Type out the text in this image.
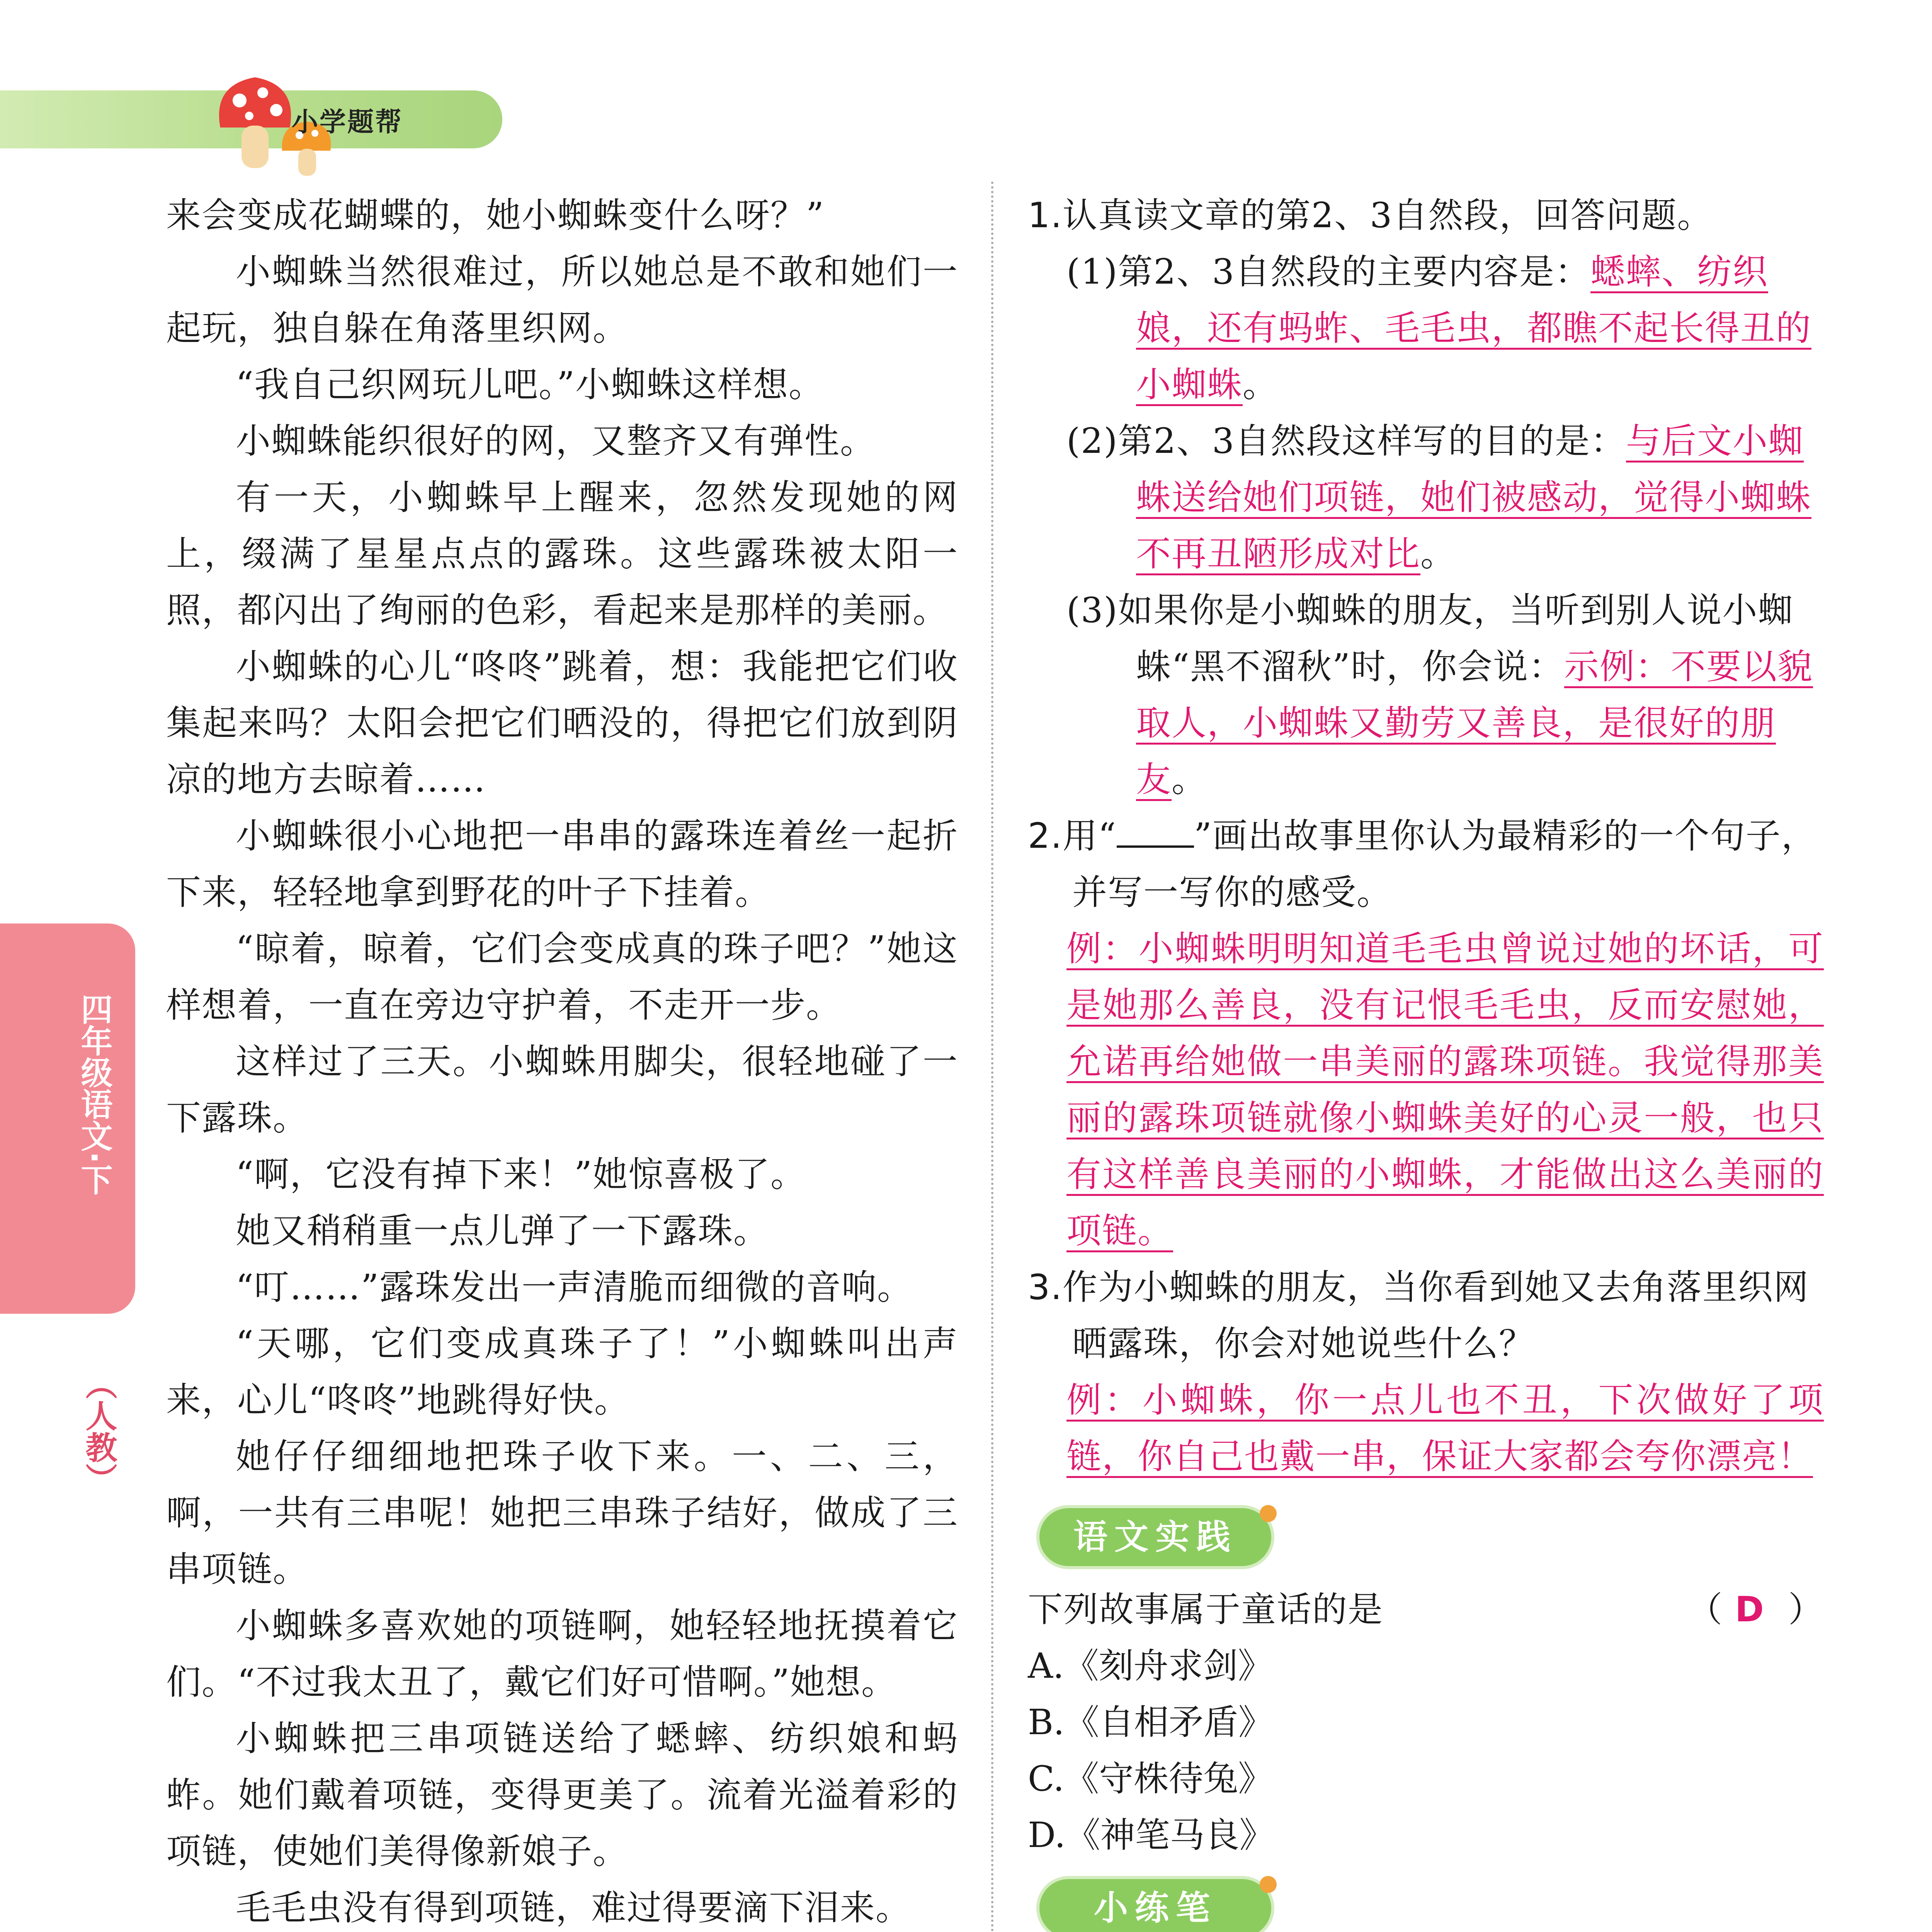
小学题帮
四年级语文·下
（人教）

来会变成花蝴蝶的，她小蜘蛛变什么呀？”

小蜘蛛当然很难过，所以她总是不敢和她们一起玩，独自躲在角落里织网。

“我自己织网玩儿吧。”小蜘蛛这样想。

小蜘蛛能织很好的网，又整齐又有弹性。

有一天，小蜘蛛早上醒来，忽然发现她的网上，缀满了星星点点的露珠。这些露珠被太阳一照，都闪出了绚丽的色彩，看起来是那样的美丽。

小蜘蛛的心儿“咚咚”跳着，想：我能把它们收集起来吗？太阳会把它们晒没的，得把它们放到阴凉的地方去晾着……

小蜘蛛很小心地把一串串的露珠连着丝一起折下来，轻轻地拿到野花的叶子下挂着。

“晾着，晾着，它们会变成真的珠子吧？”她这样想着，一直在旁边守护着，不走开一步。

这样过了三天。小蜘蛛用脚尖，很轻地碰了一下露珠。

“啊，它没有掉下来！”她惊喜极了。

她又稍稍重一点儿弹了一下露珠。

“叮……”露珠发出一声清脆而细微的音响。

“天哪，它们变成真珠子了！”小蜘蛛叫出声来，心儿“咚咚”地跳得好快。

她仔仔细细地把珠子收下来。一、二、三，啊，一共有三串呢！她把三串珠子结好，做成了三串项链。

小蜘蛛多喜欢她的项链啊，她轻轻地抚摸着它们。“不过我太丑了，戴它们好可惜啊。”她想。

小蜘蛛把三串项链送给了蟋蟀、纺织娘和蚂蚱。她们戴着项链，变得更美了。流着光溢着彩的项链，使她们美得像新娘子。

毛毛虫没有得到项链，难过得要滴下泪来。

1.认真读文章的第2、3自然段，回答问题。

(1)第2、3自然段的主要内容是：蟋蟀、纺织娘，还有蚂蚱、毛毛虫，都瞧不起长得丑的小蜘蛛。

(2)第2、3自然段这样写的目的是：与后文小蜘蛛送给她们项链，她们被感动，觉得小蜘蛛不再丑陋形成对比。

(3)如果你是小蜘蛛的朋友，当听到别人说小蜘蛛“黑不溜秋”时，你会说：示例：不要以貌取人，小蜘蛛又勤劳又善良，是很好的朋友。

2.用“ ”画出故事里你认为最精彩的一个句子，并写一写你的感受。

例：小蜘蛛明明知道毛毛虫曾说过她的坏话，可是她那么善良，没有记恨毛毛虫，反而安慰她，允诺再给她做一串美丽的露珠项链。我觉得那美丽的露珠项链就像小蜘蛛美好的心灵一般，也只有这样善良美丽的小蜘蛛，才能做出这么美丽的项链。

3.作为小蜘蛛的朋友，当你看到她又去角落里织网晒露珠，你会对她说些什么？

例：小蜘蛛，你一点儿也不丑，下次做好了项链，你自己也戴一串，保证大家都会夸你漂亮！

语文实践

下列故事属于童话的是	（ D ）

A.《刻舟求剑》

B.《自相矛盾》

C.《守株待兔》

D.《神笔马良》

小练笔
